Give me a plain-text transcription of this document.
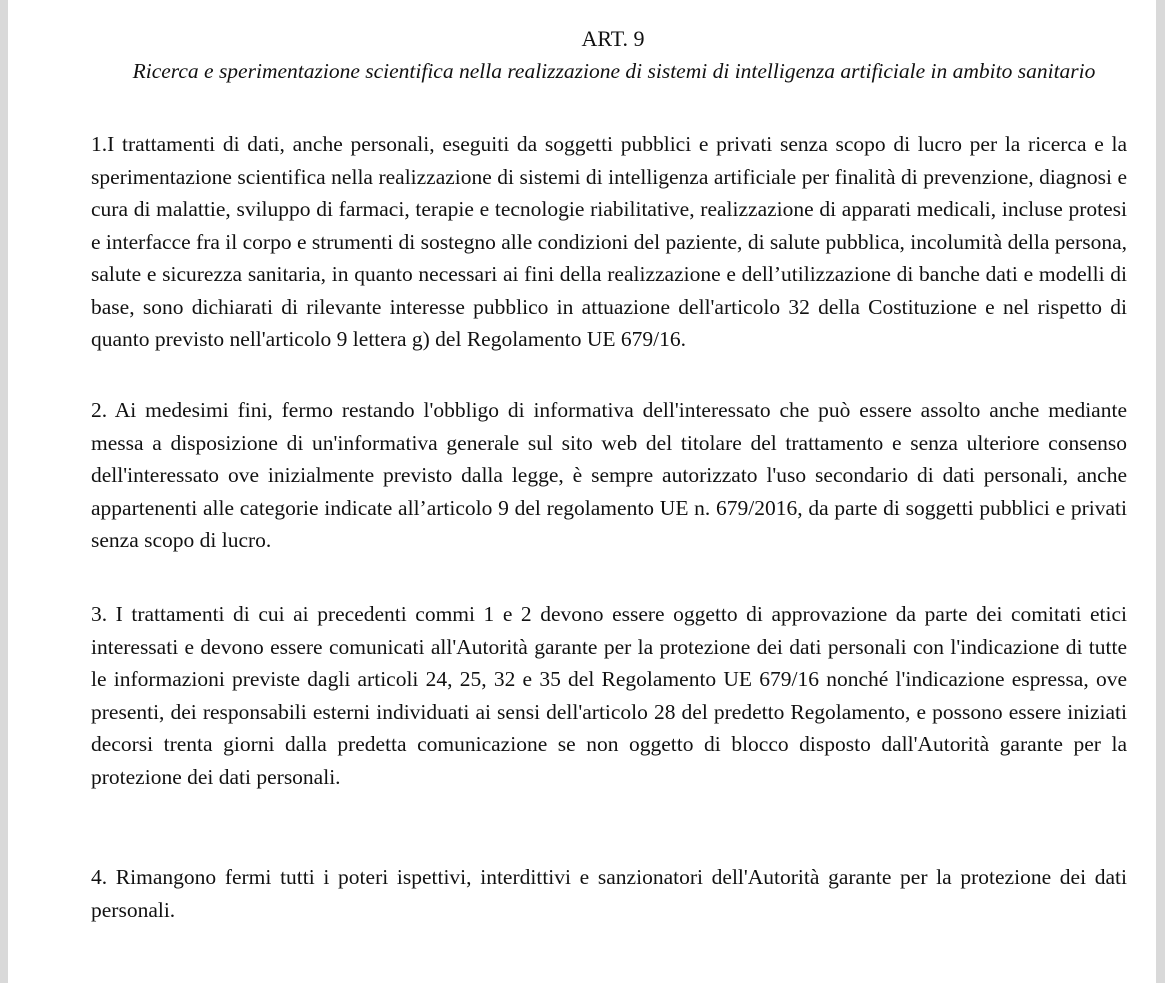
ART. 9
Ricerca e sperimentazione scientifica nella realizzazione di sistemi di intelligenza artificiale in ambito sanitario
1.I trattamenti di dati, anche personali, eseguiti da soggetti pubblici e privati senza scopo di lucro per la ricerca e la sperimentazione scientifica nella realizzazione di sistemi di intelligenza artificiale per finalità di prevenzione, diagnosi e cura di malattie, sviluppo di farmaci, terapie e tecnologie riabilitative, realizzazione di apparati medicali, incluse protesi e interfacce fra il corpo e strumenti di sostegno alle condizioni del paziente, di salute pubblica, incolumità della persona, salute e sicurezza sanitaria, in quanto necessari ai fini della realizzazione e dell’utilizzazione di banche dati e modelli di base, sono dichiarati di rilevante interesse pubblico in attuazione dell'articolo 32 della Costituzione e nel rispetto di quanto previsto nell'articolo 9 lettera g) del Regolamento UE 679/16.
2. Ai medesimi fini, fermo restando l'obbligo di informativa dell'interessato che può essere assolto anche mediante messa a disposizione di un'informativa generale sul sito web del titolare del trattamento e senza ulteriore consenso dell'interessato ove inizialmente previsto dalla legge, è sempre autorizzato l'uso secondario di dati personali, anche appartenenti alle categorie indicate all’articolo 9 del regolamento UE n. 679/2016, da parte di soggetti pubblici e privati senza scopo di lucro.
3. I trattamenti di cui ai precedenti commi 1 e 2 devono essere oggetto di approvazione da parte dei comitati etici interessati e devono essere comunicati all'Autorità garante per la protezione dei dati personali con l'indicazione di tutte le informazioni previste dagli articoli 24, 25, 32 e 35 del Regolamento UE 679/16 nonché l'indicazione espressa, ove presenti, dei responsabili esterni individuati ai sensi dell'articolo 28 del predetto Regolamento, e possono essere iniziati decorsi trenta giorni dalla predetta comunicazione se non oggetto di blocco disposto dall'Autorità garante per la protezione dei dati personali.
4. Rimangono fermi tutti i poteri ispettivi, interdittivi e sanzionatori dell'Autorità garante per la protezione dei dati personali.
